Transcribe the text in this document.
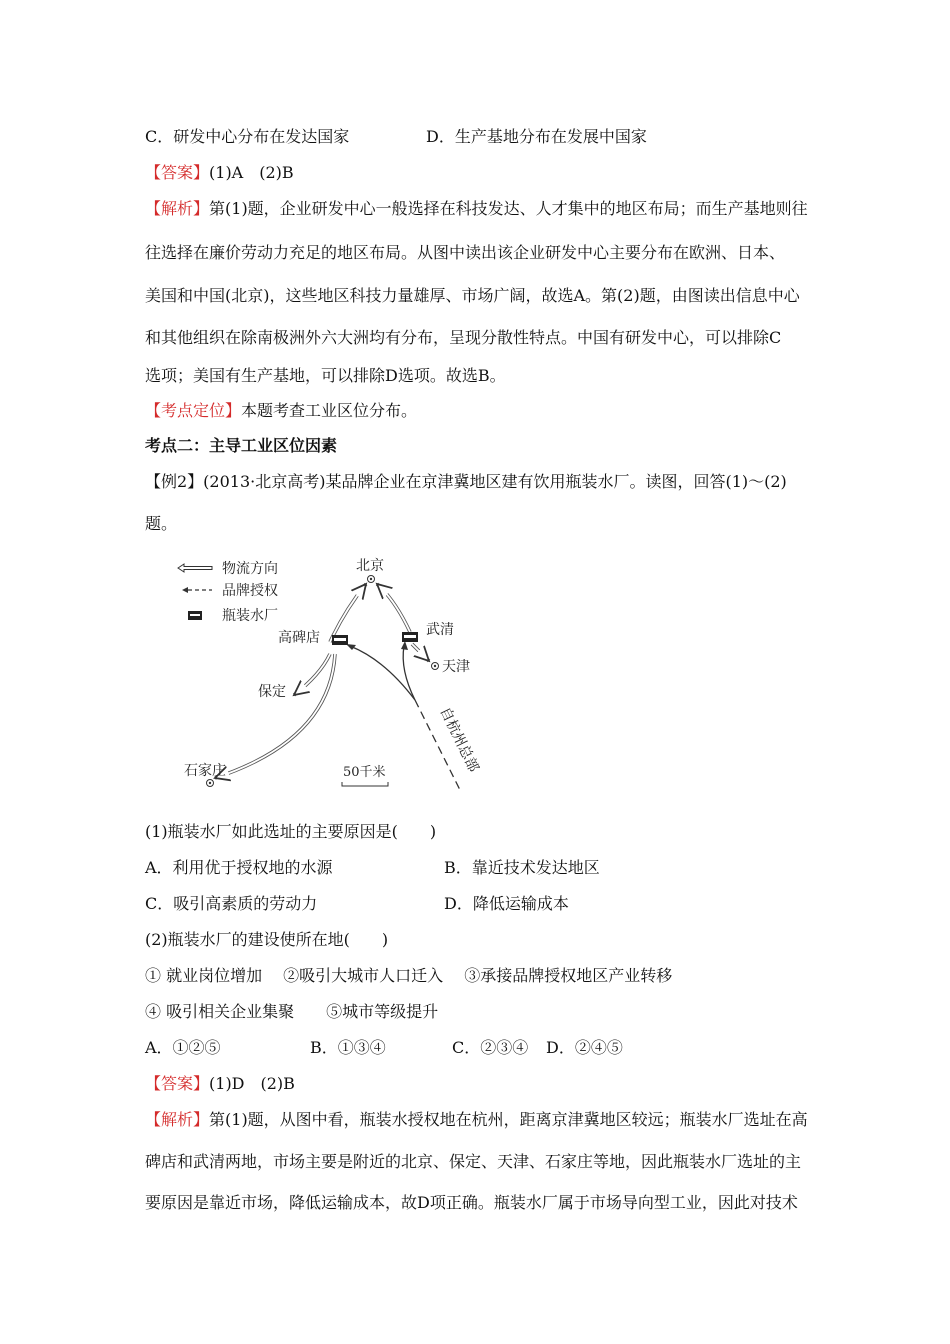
C．研发中心分布在发达国家	D．生产基地分布在发展中国家
【答案】(1)A　(2)B
【解析】第(1)题，企业研发中心一般选择在科技发达、人才集中的地区布局；而生产基地则往
往选择在廉价劳动力充足的地区布局。从图中读出该企业研发中心主要分布在欧洲、日本、
美国和中国(北京)，这些地区科技力量雄厚、市场广阔，故选A。第(2)题，由图读出信息中心
和其他组织在除南极洲外六大洲均有分布，呈现分散性特点。中国有研发中心，可以排除C
选项；美国有生产基地，可以排除D选项。故选B。
【考点定位】本题考查工业区位分布。
考点二：主导工业区位因素
【例2】(2013·北京高考)某品牌企业在京津冀地区建有饮用瓶装水厂。读图，回答(1)～(2)
题。
物流方向
品牌授权
瓶装水厂
北京
高碑店	武清
天津
保定
石家庄	自杭州总部
50千米
(1)瓶装水厂如此选址的主要原因是(　　)
A．利用优于授权地的水源	B．靠近技术发达地区
C．吸引高素质的劳动力	D．降低运输成本
(2)瓶装水厂的建设使所在地(　　)
① 就业岗位增加　 ②吸引大城市人口迁入　 ③承接品牌授权地区产业转移
④ 吸引相关企业集聚　　⑤城市等级提升
A．①②⑤	B．①③④	C．②③④ D．②④⑤
【答案】(1)D　(2)B
【解析】第(1)题，从图中看，瓶装水授权地在杭州，距离京津冀地区较远；瓶装水厂选址在高
碑店和武清两地，市场主要是附近的北京、保定、天津、石家庄等地，因此瓶装水厂选址的主
要原因是靠近市场，降低运输成本，故D项正确。瓶装水厂属于市场导向型工业，因此对技术
